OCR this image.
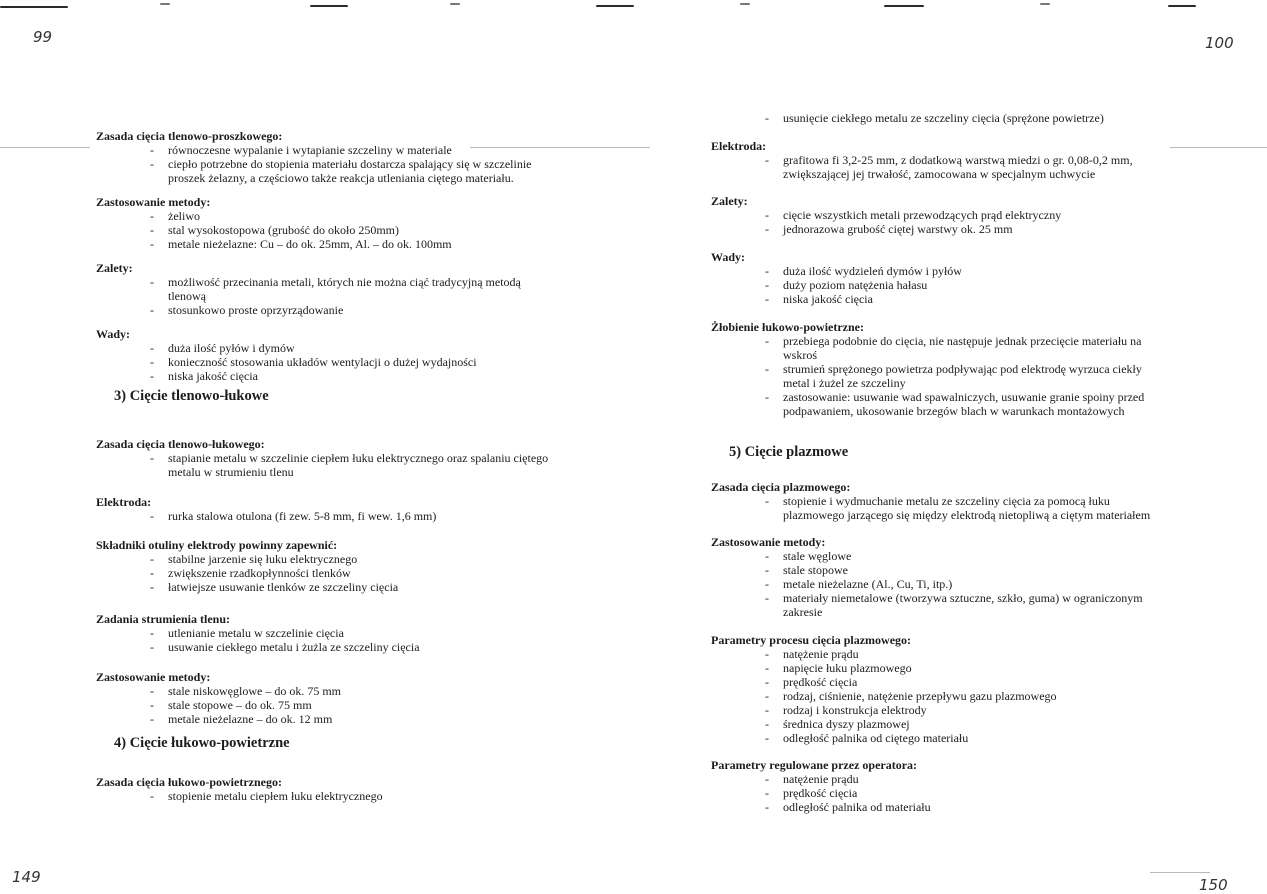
99
149
Zasada cięcia tlenowo-proszkowego:
- równoczesne wypalanie i wytapianie szczeliny w materiale
- ciepło potrzebne do stopienia materiału dostarcza spalający się w szczelinie
proszek żelazny, a częściowo także reakcja utleniania ciętego materiału.
Zastosowanie metody:
- żeliwo
- stal wysokostopowa (grubość do około 250mm)
- metale nieżelazne: Cu – do ok. 25mm, Al. – do ok. 100mm
Zalety:
- możliwość przecinania metali, których nie można ciąć tradycyjną metodą
tlenową
- stosunkowo proste oprzyrządowanie
Wady:
- duża ilość pyłów i dymów
- konieczność stosowania układów wentylacji o dużej wydajności
- niska jakość cięcia
3) Cięcie tlenowo-łukowe
Zasada cięcia tlenowo-łukowego:
- stapianie metalu w szczelinie ciepłem łuku elektrycznego oraz spalaniu ciętego
metalu w strumieniu tlenu
Elektroda:
- rurka stalowa otulona (fi zew. 5-8 mm, fi wew. 1,6 mm)
Składniki otuliny elektrody powinny zapewnić:
- stabilne jarzenie się łuku elektrycznego
- zwiększenie rzadkopłynności tlenków
- łatwiejsze usuwanie tlenków ze szczeliny cięcia
Zadania strumienia tlenu:
- utlenianie metalu w szczelinie cięcia
- usuwanie ciekłego metalu i żużla ze szczeliny cięcia
Zastosowanie metody:
- stale niskowęglowe – do ok. 75 mm
- stale stopowe – do ok. 75 mm
- metale nieżelazne – do ok. 12 mm
4) Cięcie łukowo-powietrzne
Zasada cięcia łukowo-powietrznego:
- stopienie metalu ciepłem łuku elektrycznego
100
150
- usunięcie ciekłego metalu ze szczeliny cięcia (sprężone powietrze)
Elektroda:
- grafitowa fi 3,2-25 mm, z dodatkową warstwą miedzi o gr. 0,08-0,2 mm,
zwiększającej jej trwałość, zamocowana w specjalnym uchwycie
Zalety:
- cięcie wszystkich metali przewodzących prąd elektryczny
- jednorazowa grubość ciętej warstwy ok. 25 mm
Wady:
- duża ilość wydzieleń dymów i pyłów
- duży poziom natężenia hałasu
- niska jakość cięcia
Żłobienie łukowo-powietrzne:
- przebiega podobnie do cięcia, nie następuje jednak przecięcie materiału na
wskroś
- strumień sprężonego powietrza podpływając pod elektrodę wyrzuca ciekły
metal i żużel ze szczeliny
- zastosowanie: usuwanie wad spawalniczych, usuwanie granie spoiny przed
podpawaniem, ukosowanie brzegów blach w warunkach montażowych
5) Cięcie plazmowe
Zasada cięcia plazmowego:
- stopienie i wydmuchanie metalu ze szczeliny cięcia za pomocą łuku
plazmowego jarzącego się między elektrodą nietopliwą a ciętym materiałem
Zastosowanie metody:
- stale węglowe
- stale stopowe
- metale nieżelazne (Al., Cu, Ti, itp.)
- materiały niemetalowe (tworzywa sztuczne, szkło, guma) w ograniczonym
zakresie
Parametry procesu cięcia plazmowego:
- natężenie prądu
- napięcie łuku plazmowego
- prędkość cięcia
- rodzaj, ciśnienie, natężenie przepływu gazu plazmowego
- rodzaj i konstrukcja elektrody
- średnica dyszy plazmowej
- odległość palnika od ciętego materiału
Parametry regulowane przez operatora:
- natężenie prądu
- prędkość cięcia
- odległość palnika od materiału
